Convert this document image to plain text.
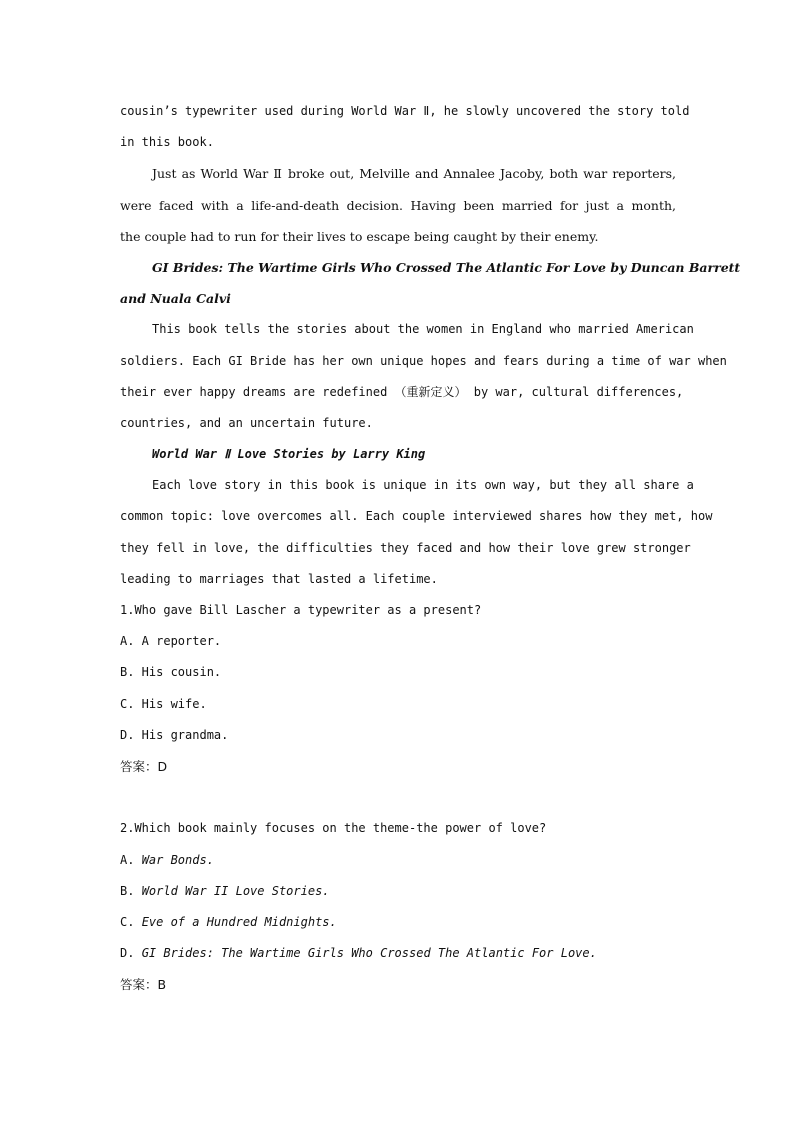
cousin’s typewriter used during World War Ⅱ, he slowly uncovered the story told
in this book.
Just as World War Ⅱ broke out, Melville and Annalee Jacoby, both war reporters,
were faced with a life-and-death decision. Having been married for just a month,
the couple had to run for their lives to escape being caught by their enemy.
GI Brides: The Wartime Girls Who Crossed The Atlantic For Love by Duncan Barrett
and Nuala Calvi
This book tells the stories about the women in England who married American
soldiers. Each GI Bride has her own unique hopes and fears during a time of war when
their ever happy dreams are redefined （重新定义） by war, cultural differences,
countries, and an uncertain future.
World War Ⅱ Love Stories by Larry King
Each love story in this book is unique in its own way, but they all share a
common topic: love overcomes all. Each couple interviewed shares how they met, how
they fell in love, the difficulties they faced and how their love grew stronger
leading to marriages that lasted a lifetime.
1.Who gave Bill Lascher a typewriter as a present?
A. A reporter.
B. His cousin.
C. His wife.
D. His grandma.
答案：D
2.Which book mainly focuses on the theme-the power of love?
A. War Bonds.
B. World War II Love Stories.
C. Eve of a Hundred Midnights.
D. GI Brides: The Wartime Girls Who Crossed The Atlantic For Love.
答案：B
